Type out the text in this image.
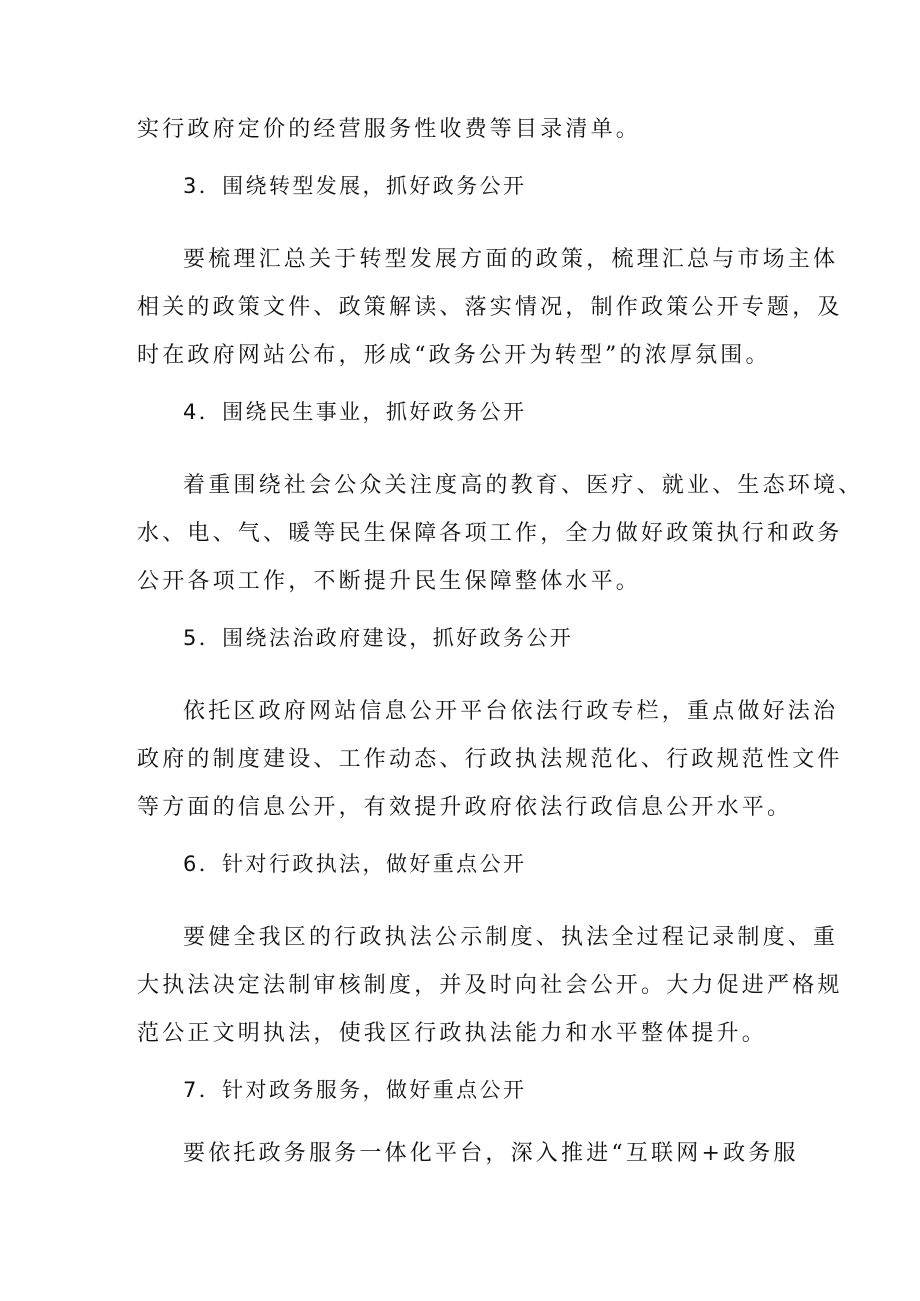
实行政府定价的经营服务性收费等目录清单。
3．围绕转型发展，抓好政务公开
要梳理汇总关于转型发展方面的政策，梳理汇总与市场主体
相关的政策文件、政策解读、落实情况，制作政策公开专题，及
时在政府网站公布，形成“政务公开为转型”的浓厚氛围。
4．围绕民生事业，抓好政务公开
着重围绕社会公众关注度高的教育、医疗、就业、生态环境、
水、电、气、暖等民生保障各项工作，全力做好政策执行和政务
公开各项工作，不断提升民生保障整体水平。
5．围绕法治政府建设，抓好政务公开
依托区政府网站信息公开平台依法行政专栏，重点做好法治
政府的制度建设、工作动态、行政执法规范化、行政规范性文件
等方面的信息公开，有效提升政府依法行政信息公开水平。
6．针对行政执法，做好重点公开
要健全我区的行政执法公示制度、执法全过程记录制度、重
大执法决定法制审核制度，并及时向社会公开。大力促进严格规
范公正文明执法，使我区行政执法能力和水平整体提升。
7．针对政务服务，做好重点公开
要依托政务服务一体化平台，深入推进“互联网+政务服
